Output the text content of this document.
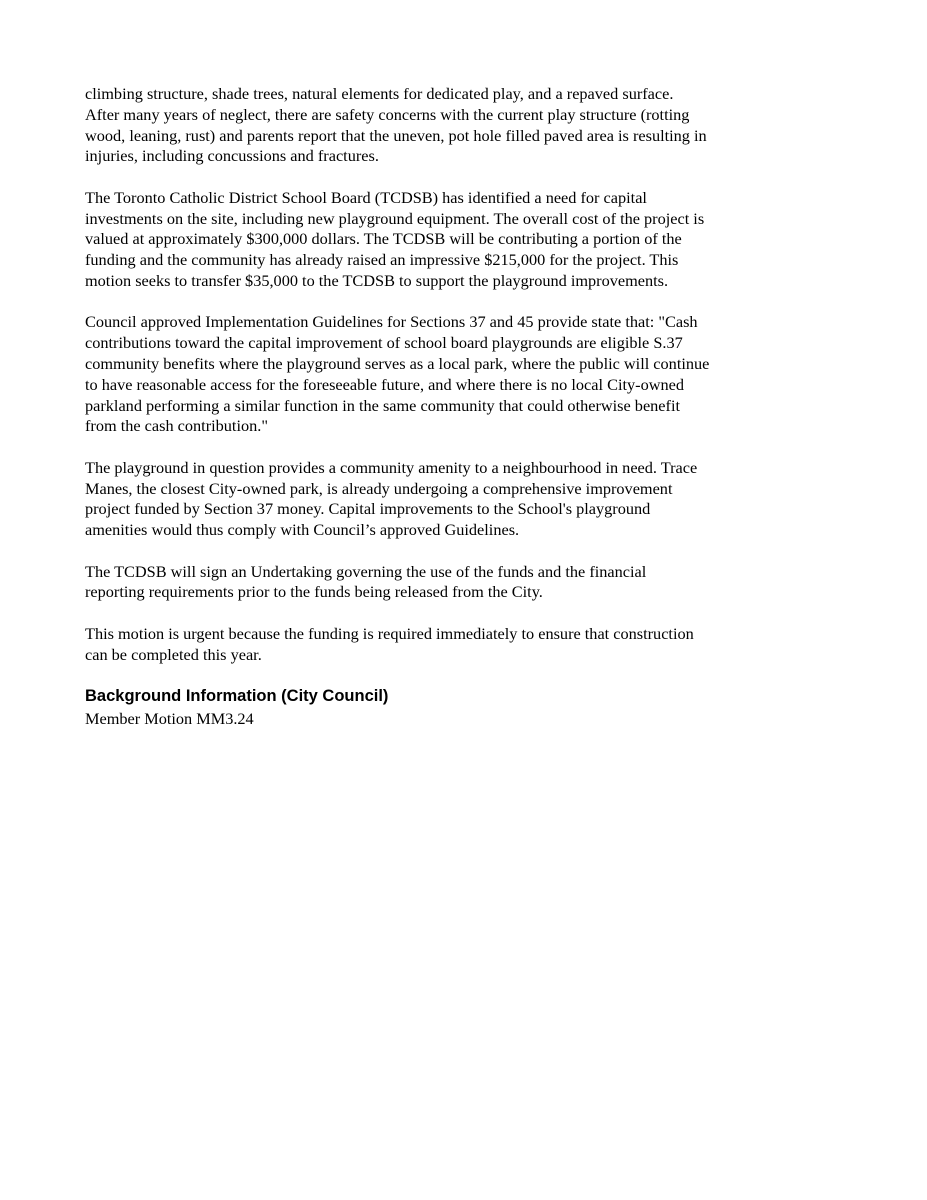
climbing structure, shade trees, natural elements for dedicated play, and a repaved surface.
After many years of neglect, there are safety concerns with the current play structure (rotting
wood, leaning, rust) and parents report that the uneven, pot hole filled paved area is resulting in
injuries, including concussions and fractures.

The Toronto Catholic District School Board (TCDSB) has identified a need for capital
investments on the site, including new playground equipment. The overall cost of the project is
valued at approximately $300,000 dollars. The TCDSB will be contributing a portion of the
funding and the community has already raised an impressive $215,000 for the project. This
motion seeks to transfer $35,000 to the TCDSB to support the playground improvements.

Council approved Implementation Guidelines for Sections 37 and 45 provide state that: "Cash
contributions toward the capital improvement of school board playgrounds are eligible S.37
community benefits where the playground serves as a local park, where the public will continue
to have reasonable access for the foreseeable future, and where there is no local City-owned
parkland performing a similar function in the same community that could otherwise benefit
from the cash contribution."

The playground in question provides a community amenity to a neighbourhood in need. Trace
Manes, the closest City-owned park, is already undergoing a comprehensive improvement
project funded by Section 37 money. Capital improvements to the School's playground
amenities would thus comply with Council’s approved Guidelines.

The TCDSB will sign an Undertaking governing the use of the funds and the financial
reporting requirements prior to the funds being released from the City.

This motion is urgent because the funding is required immediately to ensure that construction
can be completed this year.

Background Information (City Council)
Member Motion MM3.24
